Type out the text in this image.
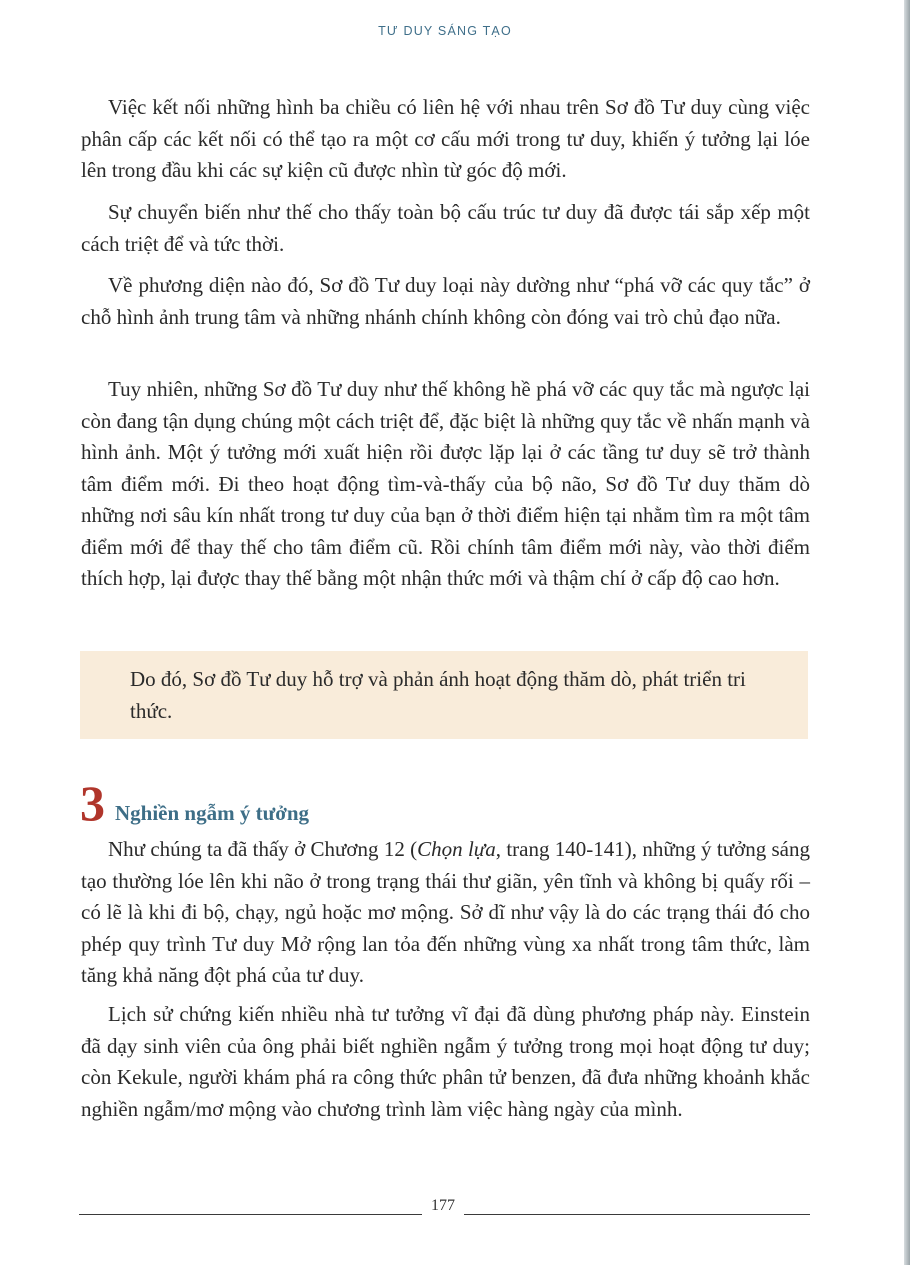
TƯ DUY SÁNG TẠO

Việc kết nối những hình ba chiều có liên hệ với nhau trên Sơ đồ Tư duy cùng việc phân cấp các kết nối có thể tạo ra một cơ cấu mới trong tư duy, khiến ý tưởng lại lóe lên trong đầu khi các sự kiện cũ được nhìn từ góc độ mới.

Sự chuyển biến như thế cho thấy toàn bộ cấu trúc tư duy đã được tái sắp xếp một cách triệt để và tức thời.

Về phương diện nào đó, Sơ đồ Tư duy loại này dường như “phá vỡ các quy tắc” ở chỗ hình ảnh trung tâm và những nhánh chính không còn đóng vai trò chủ đạo nữa.

Tuy nhiên, những Sơ đồ Tư duy như thế không hề phá vỡ các quy tắc mà ngược lại còn đang tận dụng chúng một cách triệt để, đặc biệt là những quy tắc về nhấn mạnh và hình ảnh. Một ý tưởng mới xuất hiện rồi được lặp lại ở các tầng tư duy sẽ trở thành tâm điểm mới. Đi theo hoạt động tìm-và-thấy của bộ não, Sơ đồ Tư duy thăm dò những nơi sâu kín nhất trong tư duy của bạn ở thời điểm hiện tại nhằm tìm ra một tâm điểm mới để thay thế cho tâm điểm cũ. Rồi chính tâm điểm mới này, vào thời điểm thích hợp, lại được thay thế bằng một nhận thức mới và thậm chí ở cấp độ cao hơn.

Do đó, Sơ đồ Tư duy hỗ trợ và phản ánh hoạt động thăm dò, phát triển tri thức.

3 Nghiền ngẫm ý tưởng

Như chúng ta đã thấy ở Chương 12 (Chọn lựa, trang 140-141), những ý tưởng sáng tạo thường lóe lên khi não ở trong trạng thái thư giãn, yên tĩnh và không bị quấy rối – có lẽ là khi đi bộ, chạy, ngủ hoặc mơ mộng. Sở dĩ như vậy là do các trạng thái đó cho phép quy trình Tư duy Mở rộng lan tỏa đến những vùng xa nhất trong tâm thức, làm tăng khả năng đột phá của tư duy.

Lịch sử chứng kiến nhiều nhà tư tưởng vĩ đại đã dùng phương pháp này. Einstein đã dạy sinh viên của ông phải biết nghiền ngẫm ý tưởng trong mọi hoạt động tư duy; còn Kekule, người khám phá ra công thức phân tử benzen, đã đưa những khoảnh khắc nghiền ngẫm/mơ mộng vào chương trình làm việc hàng ngày của mình.

177
